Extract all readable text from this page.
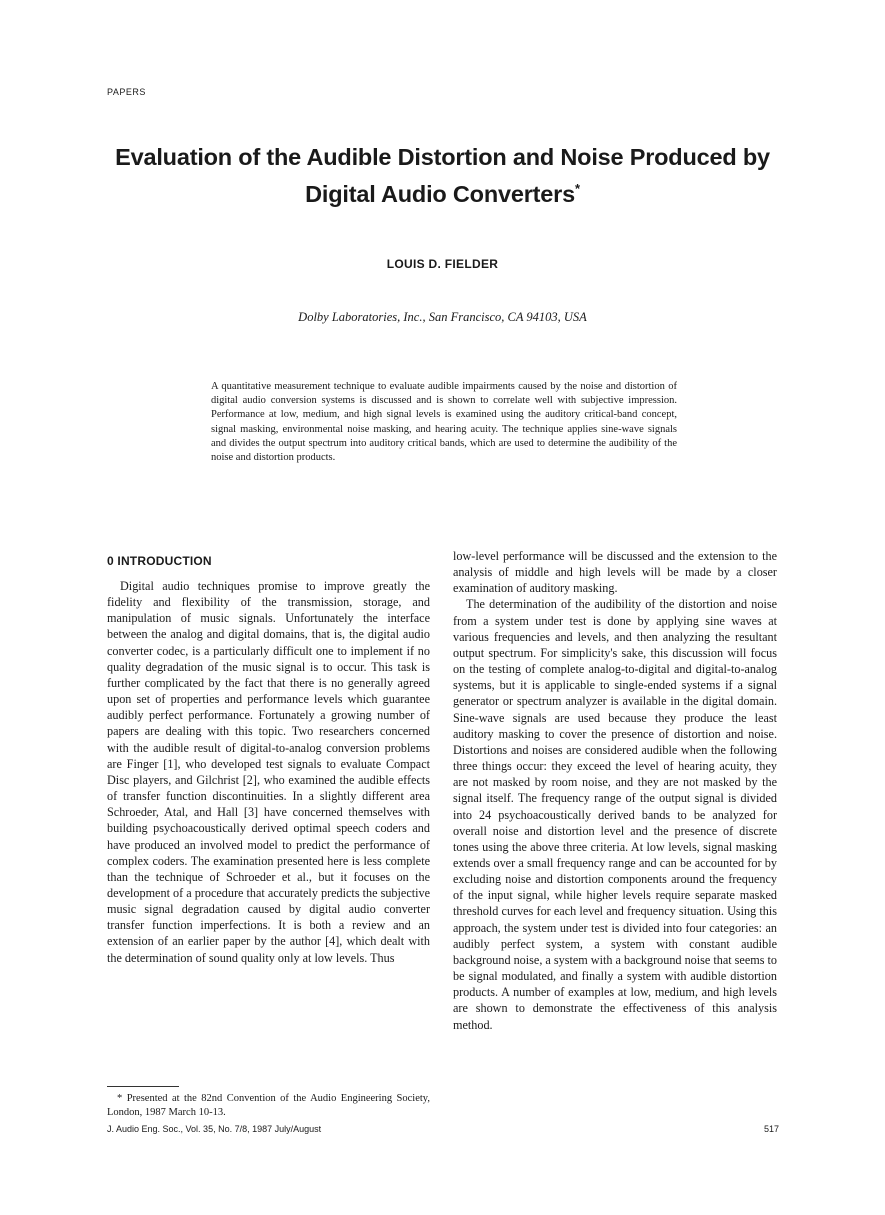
PAPERS
Evaluation of the Audible Distortion and Noise Produced by Digital Audio Converters*
LOUIS D. FIELDER
Dolby Laboratories, Inc., San Francisco, CA 94103, USA
A quantitative measurement technique to evaluate audible impairments caused by the noise and distortion of digital audio conversion systems is discussed and is shown to correlate well with subjective impression. Performance at low, medium, and high signal levels is examined using the auditory critical-band concept, signal masking, environmental noise masking, and hearing acuity. The technique applies sine-wave signals and divides the output spectrum into auditory critical bands, which are used to determine the audibility of the noise and distortion products.
0 INTRODUCTION

Digital audio techniques promise to improve greatly the fidelity and flexibility of the transmission, storage, and manipulation of music signals. Unfortunately the interface between the analog and digital domains, that is, the digital audio converter codec, is a particularly difficult one to implement if no quality degradation of the music signal is to occur. This task is further complicated by the fact that there is no generally agreed upon set of properties and performance levels which guarantee audibly perfect performance. Fortunately a growing number of papers are dealing with this topic. Two researchers concerned with the audible result of digital-to-analog conversion problems are Finger [1], who developed test signals to evaluate Compact Disc players, and Gilchrist [2], who examined the audible effects of transfer function discontinuities. In a slightly different area Schroeder, Atal, and Hall [3] have concerned themselves with building psychoacoustically derived optimal speech coders and have produced an involved model to predict the performance of complex coders. The examination presented here is less complete than the technique of Schroeder et al., but it focuses on the development of a procedure that accurately predicts the subjective music signal degradation caused by digital audio converter transfer function imperfections. It is both a review and an extension of an earlier paper by the author [4], which dealt with the determination of sound quality only at low levels. Thus

low-level performance will be discussed and the extension to the analysis of middle and high levels will be made by a closer examination of auditory masking.

The determination of the audibility of the distortion and noise from a system under test is done by applying sine waves at various frequencies and levels, and then analyzing the resultant output spectrum. For simplicity's sake, this discussion will focus on the testing of complete analog-to-digital and digital-to-analog systems, but it is applicable to single-ended systems if a signal generator or spectrum analyzer is available in the digital domain. Sine-wave signals are used because they produce the least auditory masking to cover the presence of distortion and noise. Distortions and noises are considered audible when the following three things occur: they exceed the level of hearing acuity, they are not masked by room noise, and they are not masked by the signal itself. The frequency range of the output signal is divided into 24 psychoacoustically derived bands to be analyzed for overall noise and distortion level and the presence of discrete tones using the above three criteria. At low levels, signal masking extends over a small frequency range and can be accounted for by excluding noise and distortion components around the frequency of the input signal, while higher levels require separate masked threshold curves for each level and frequency situation. Using this approach, the system under test is divided into four categories: an audibly perfect system, a system with constant audible background noise, a system with a background noise that seems to be signal modulated, and finally a system with audible distortion products. A number of examples at low, medium, and high levels are shown to demonstrate the effectiveness of this analysis method.

* Presented at the 82nd Convention of the Audio Engineering Society, London, 1987 March 10-13.
J. Audio Eng. Soc., Vol. 35, No. 7/8, 1987 July/August	517
